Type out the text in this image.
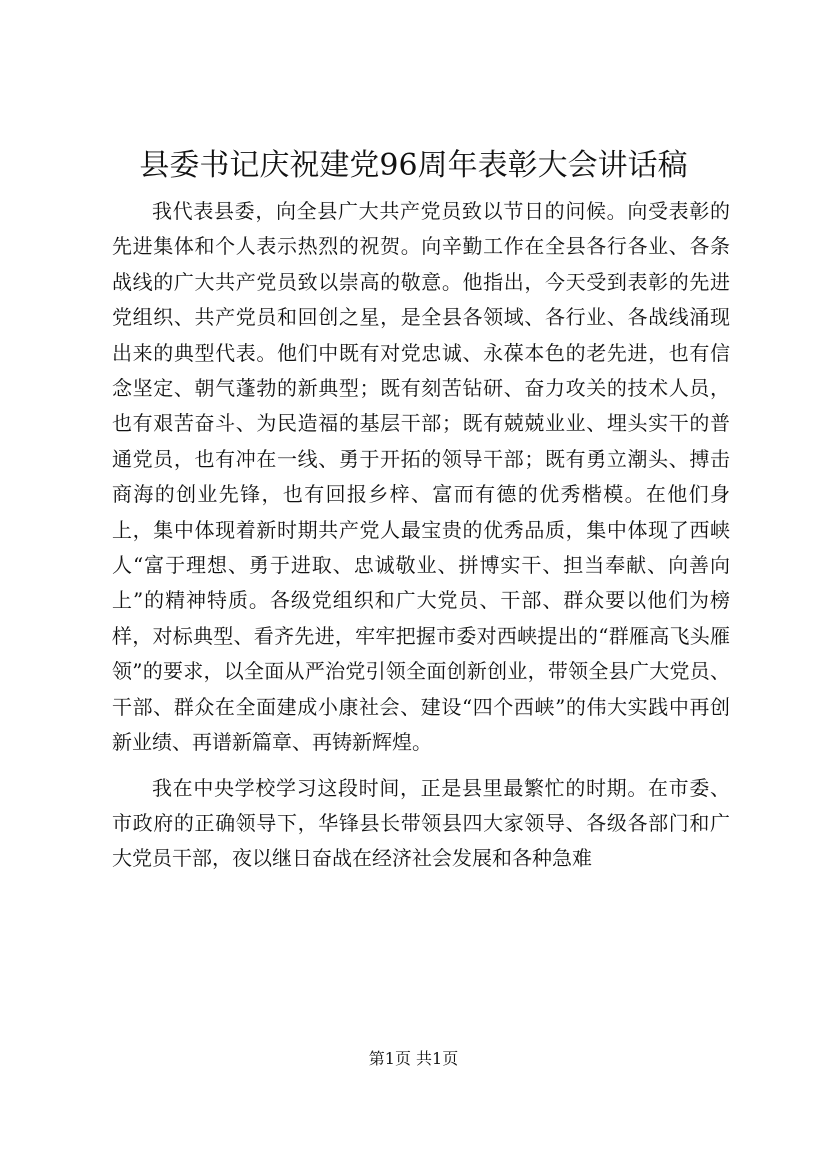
县委书记庆祝建党96周年表彰大会讲话稿

我代表县委，向全县广大共产党员致以节日的问候。向受表彰的先进集体和个人表示热烈的祝贺。向辛勤工作在全县各行各业、各条战线的广大共产党员致以崇高的敬意。他指出，今天受到表彰的先进党组织、共产党员和回创之星，是全县各领域、各行业、各战线涌现出来的典型代表。他们中既有对党忠诚、永葆本色的老先进，也有信念坚定、朝气蓬勃的新典型；既有刻苦钻研、奋力攻关的技术人员，也有艰苦奋斗、为民造福的基层干部；既有兢兢业业、埋头实干的普通党员，也有冲在一线、勇于开拓的领导干部；既有勇立潮头、搏击商海的创业先锋，也有回报乡梓、富而有德的优秀楷模。在他们身上，集中体现着新时期共产党人最宝贵的优秀品质，集中体现了西峡人“富于理想、勇于进取、忠诚敬业、拼博实干、担当奉献、向善向上”的精神特质。各级党组织和广大党员、干部、群众要以他们为榜样，对标典型、看齐先进，牢牢把握市委对西峡提出的“群雁高飞头雁领”的要求，以全面从严治党引领全面创新创业，带领全县广大党员、干部、群众在全面建成小康社会、建设“四个西峡”的伟大实践中再创新业绩、再谱新篇章、再铸新辉煌。

我在中央学校学习这段时间，正是县里最繁忙的时期。在市委、市政府的正确领导下，华锋县长带领县四大家领导、各级各部门和广大党员干部，夜以继日奋战在经济社会发展和各种急难

第1页 共1页
